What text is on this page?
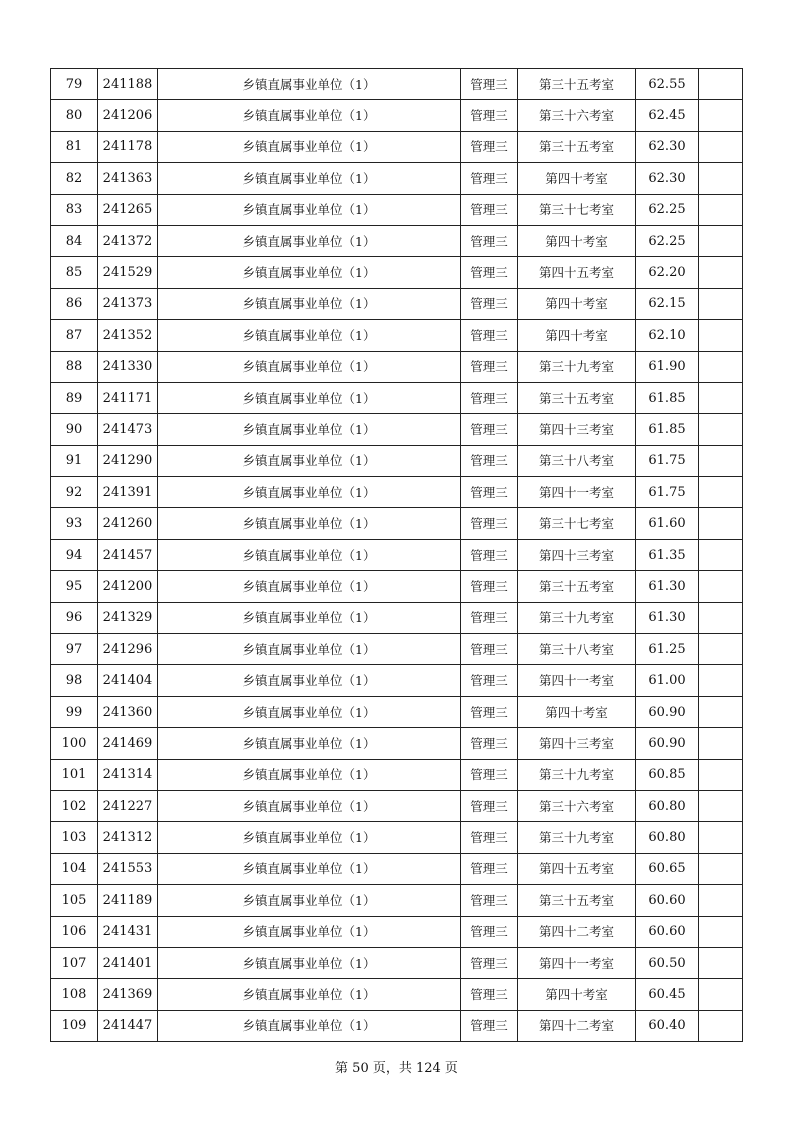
79	241188	乡镇直属事业单位（1）	管理三	第三十五考室	62.55	
80	241206	乡镇直属事业单位（1）	管理三	第三十六考室	62.45	
81	241178	乡镇直属事业单位（1）	管理三	第三十五考室	62.30	
82	241363	乡镇直属事业单位（1）	管理三	第四十考室	62.30	
83	241265	乡镇直属事业单位（1）	管理三	第三十七考室	62.25	
84	241372	乡镇直属事业单位（1）	管理三	第四十考室	62.25	
85	241529	乡镇直属事业单位（1）	管理三	第四十五考室	62.20	
86	241373	乡镇直属事业单位（1）	管理三	第四十考室	62.15	
87	241352	乡镇直属事业单位（1）	管理三	第四十考室	62.10	
88	241330	乡镇直属事业单位（1）	管理三	第三十九考室	61.90	
89	241171	乡镇直属事业单位（1）	管理三	第三十五考室	61.85	
90	241473	乡镇直属事业单位（1）	管理三	第四十三考室	61.85	
91	241290	乡镇直属事业单位（1）	管理三	第三十八考室	61.75	
92	241391	乡镇直属事业单位（1）	管理三	第四十一考室	61.75	
93	241260	乡镇直属事业单位（1）	管理三	第三十七考室	61.60	
94	241457	乡镇直属事业单位（1）	管理三	第四十三考室	61.35	
95	241200	乡镇直属事业单位（1）	管理三	第三十五考室	61.30	
96	241329	乡镇直属事业单位（1）	管理三	第三十九考室	61.30	
97	241296	乡镇直属事业单位（1）	管理三	第三十八考室	61.25	
98	241404	乡镇直属事业单位（1）	管理三	第四十一考室	61.00	
99	241360	乡镇直属事业单位（1）	管理三	第四十考室	60.90	
100	241469	乡镇直属事业单位（1）	管理三	第四十三考室	60.90	
101	241314	乡镇直属事业单位（1）	管理三	第三十九考室	60.85	
102	241227	乡镇直属事业单位（1）	管理三	第三十六考室	60.80	
103	241312	乡镇直属事业单位（1）	管理三	第三十九考室	60.80	
104	241553	乡镇直属事业单位（1）	管理三	第四十五考室	60.65	
105	241189	乡镇直属事业单位（1）	管理三	第三十五考室	60.60	
106	241431	乡镇直属事业单位（1）	管理三	第四十二考室	60.60	
107	241401	乡镇直属事业单位（1）	管理三	第四十一考室	60.50	
108	241369	乡镇直属事业单位（1）	管理三	第四十考室	60.45	
109	241447	乡镇直属事业单位（1）	管理三	第四十二考室	60.40	
第 50 页，共 124 页
